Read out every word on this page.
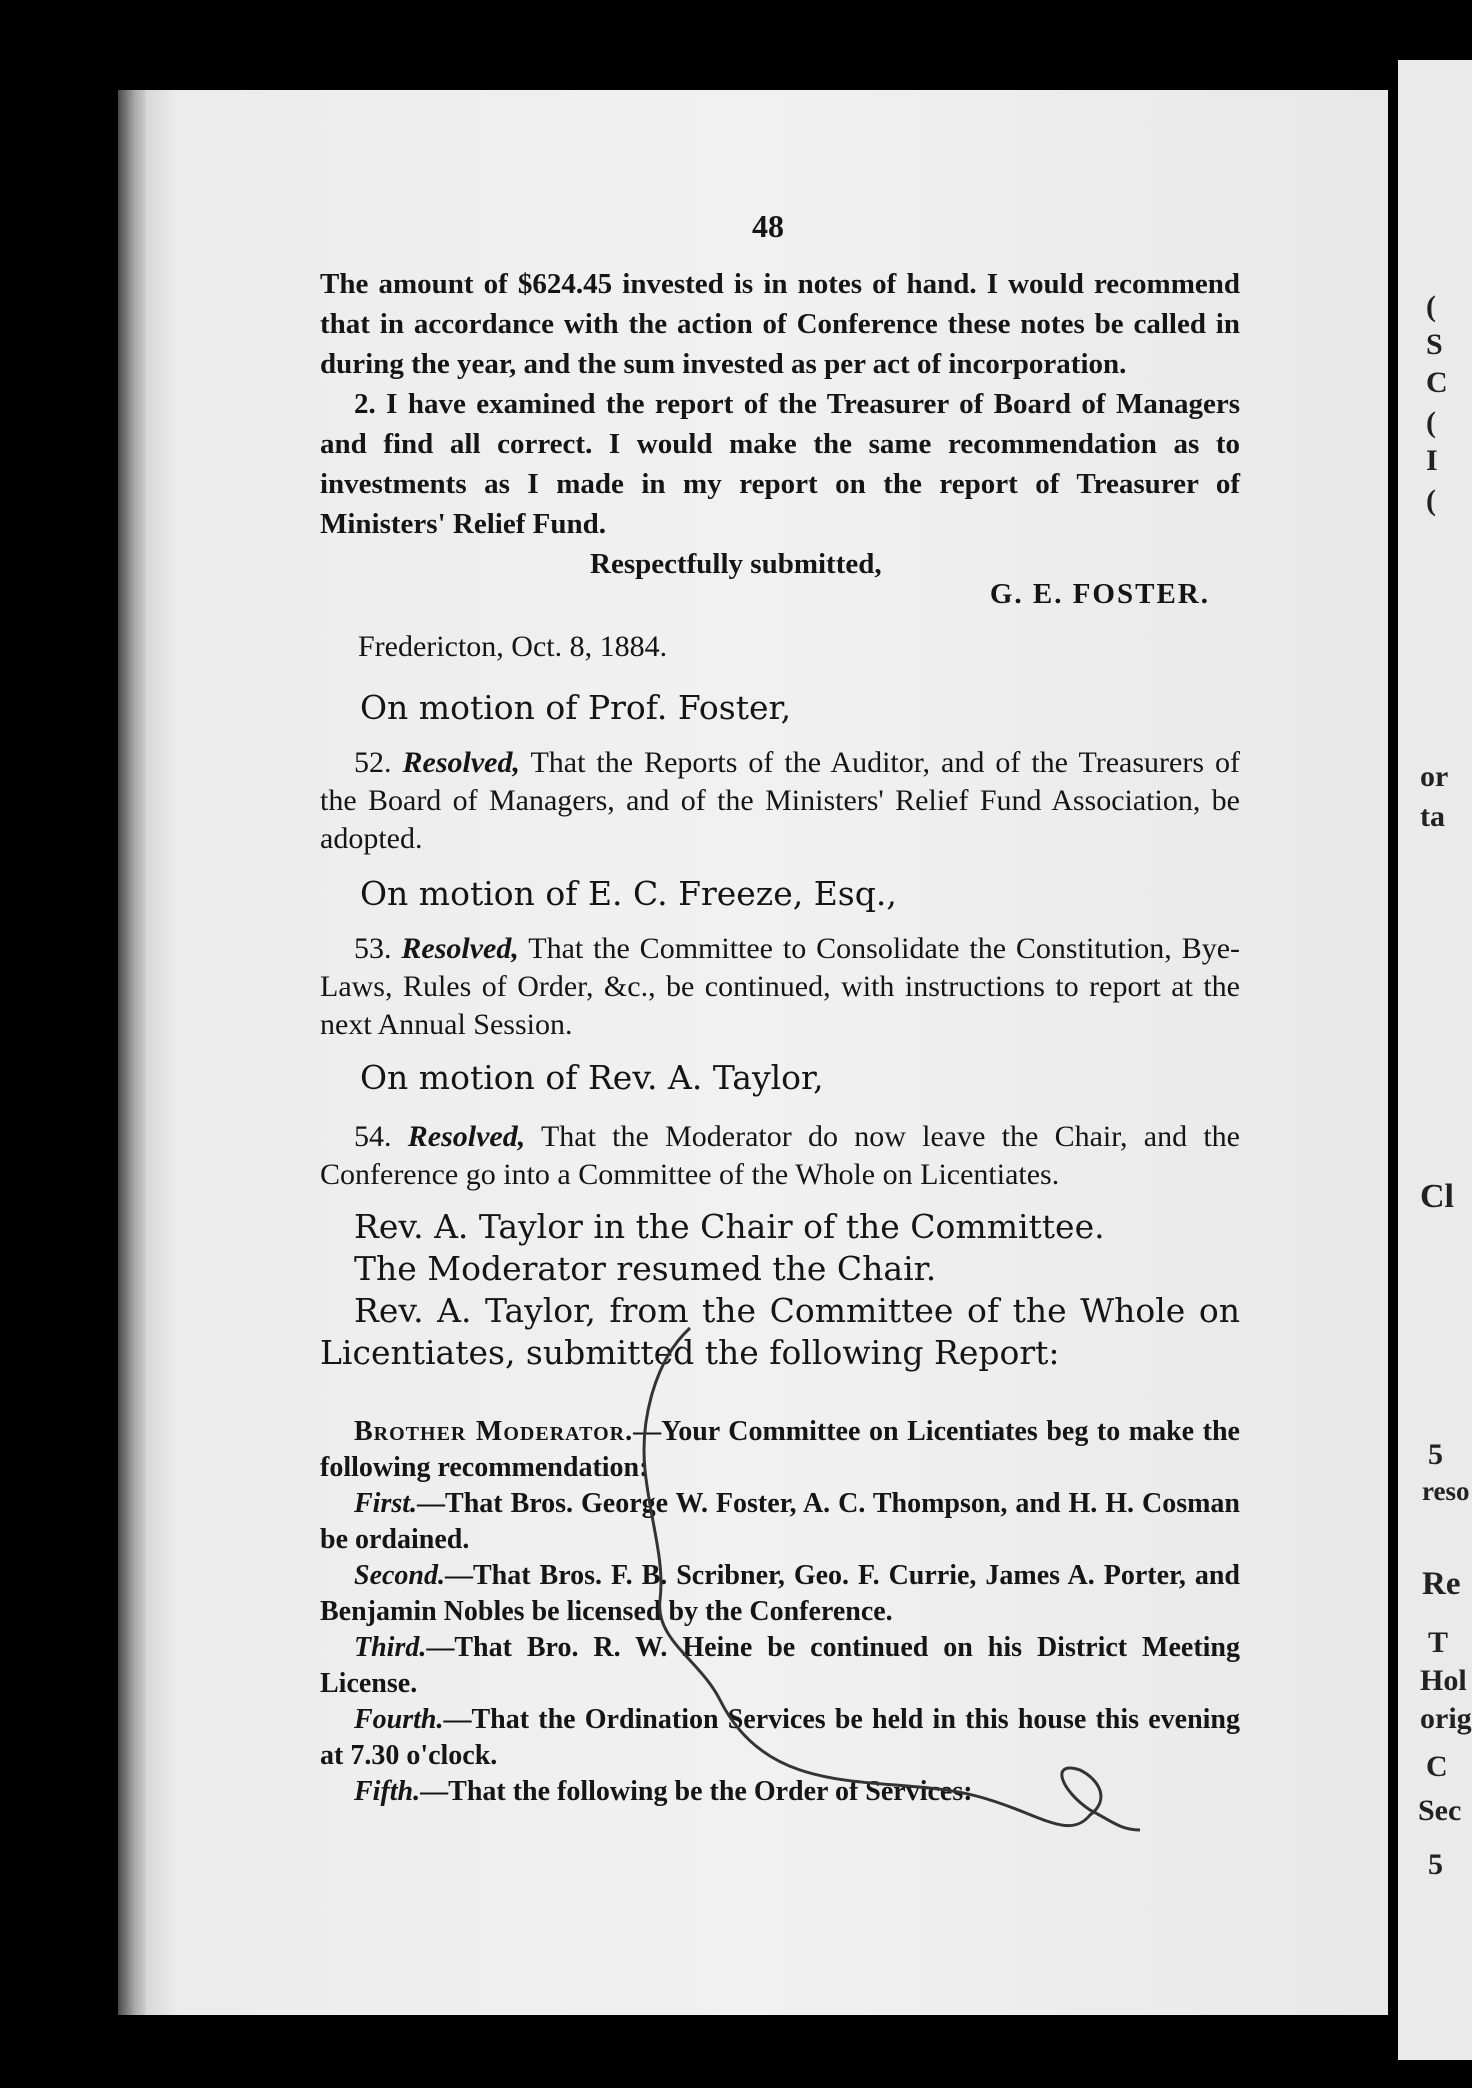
(
S
C
(
I
(
or
ta
Cl
5
reso
Re
T
Hol
orig
C
Sec
5
48

The amount of $624.45 invested is in notes of hand. I would recommend that in accordance with the action of Conference these notes be called in during the year, and the sum invested as per act of incorporation.

2. I have examined the report of the Treasurer of Board of Managers and find all correct. I would make the same recommendation as to investments as I made in my report on the report of Treasurer of Ministers' Relief Fund.

Respectfully submitted,
G. E. FOSTER.
Fredericton, Oct. 8, 1884.
On motion of Prof. Foster,

52. Resolved, That the Reports of the Auditor, and of the Treasurers of the Board of Managers, and of the Ministers' Relief Fund Association, be adopted.

On motion of E. C. Freeze, Esq.,

53. Resolved, That the Committee to Consolidate the Constitution, Bye-Laws, Rules of Order, &c., be continued, with instructions to report at the next Annual Session.

On motion of Rev. A. Taylor,

54. Resolved, That the Moderator do now leave the Chair, and the Conference go into a Committee of the Whole on Licentiates.

Rev. A. Taylor in the Chair of the Committee.

The Moderator resumed the Chair.

Rev. A. Taylor, from the Committee of the Whole on Licentiates, submitted the following Report:

Brother Moderator.—Your Committee on Licentiates beg to make the following recommendation:

First.—That Bros. George W. Foster, A. C. Thompson, and H. H. Cosman be ordained.

Second.—That Bros. F. B. Scribner, Geo. F. Currie, James A. Porter, and Benjamin Nobles be licensed by the Conference.

Third.—That Bro. R. W. Heine be continued on his District Meeting License.

Fourth.—That the Ordination Services be held in this house this evening at 7.30 o'clock.

Fifth.—That the following be the Order of Services:
